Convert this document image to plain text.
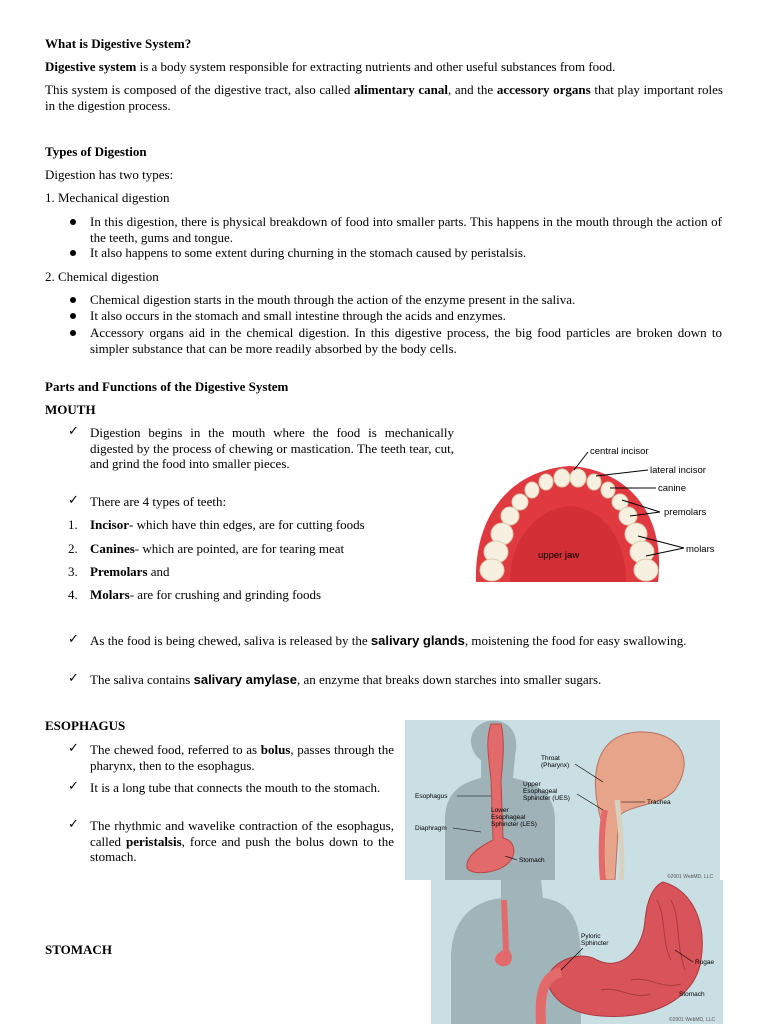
What is Digestive System?

Digestive system is a body system responsible for extracting nutrients and other useful substances from food.

This system is composed of the digestive tract, also called alimentary canal, and the accessory organs that play important roles in the digestion process.

Types of Digestion

Digestion has two types:

1. Mechanical digestion

In this digestion, there is physical breakdown of food into smaller parts. This happens in the mouth through the action of the teeth, gums and tongue.

It also happens to some extent during churning in the stomach caused by peristalsis.

2. Chemical digestion

Chemical digestion starts in the mouth through the action of the enzyme present in the saliva.

It also occurs in the stomach and small intestine through the acids and enzymes.

Accessory organs aid in the chemical digestion. In this digestive process, the big food particles are broken down to simpler substance that can be more readily absorbed by the body cells.

Parts and Functions of the Digestive System

MOUTH

✓ Digestion begins in the mouth where the food is mechanically digested by the process of chewing or mastication. The teeth tear, cut, and grind the food into smaller pieces.

✓ There are 4 types of teeth:

1. Incisor- which have thin edges, are for cutting foods

2. Canines- which are pointed, are for tearing meat

3. Premolars and

4. Molars- are for crushing and grinding foods

✓ As the food is being chewed, saliva is released by the salivary glands, moistening the food for easy swallowing.

✓ The saliva contains salivary amylase, an enzyme that breaks down starches into smaller sugars.

central incisor
lateral incisor
canine
premolars
molars
upper jaw

ESOPHAGUS

✓ The chewed food, referred to as bolus, passes through the pharynx, then to the esophagus.

✓ It is a long tube that connects the mouth to the stomach.

✓ The rhythmic and wavelike contraction of the esophagus, called peristalsis, force and push the bolus down to the stomach.

Throat
(Pharynx)
Upper
Esophageal
Sphincter (UES)
Esophagus
Lower
Esophageal
Sphincter (LES)
Trachea
Diaphragm
Stomach
©2001 WebMD, LLC

STOMACH

Pyloric
Sphincter
Rugae
Stomach
©2001 WebMD, LLC
